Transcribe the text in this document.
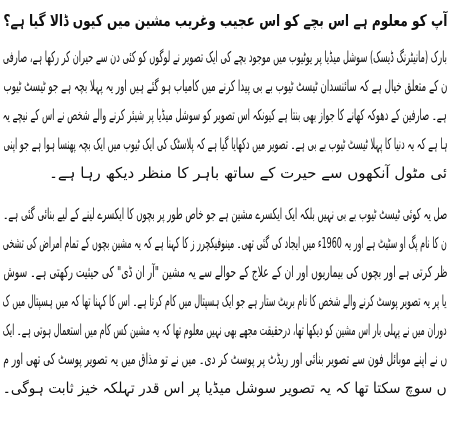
آپ کو معلوم ہے اس بچے کو اس عجیب وغریب مشین میں کیوں ڈالا گیا ہے؟
بارک (مانیٹرنگ ڈیسک) سوشل میڈیا پر یوٹیوب میں موجود بچے کی ایک تصویر نے لوگوں کو کئی دن سے حیران کر رکھا ہے، صارفی
ن کے متعلق خیال ہے کہ سائنسدان ٹیسٹ ٹیوب بے بی پیدا کرنے میں کامیاب ہو گئے ہیں اور یہ پہلا بچہ ہے جو ٹیسٹ ٹیوب
ہے۔ صارفین کے دھوکہ کھانے کا جواز بھی بنتا ہے کیونکہ اس تصویر کو سوشل میڈیا پر شیئر کرنے والے شخص نے اس کے نیچے یہ
ہا ہے کہ یہ دنیا کا پہلا ٹیسٹ ٹیوب بے بی ہے۔ تصویر میں دکھایا گیا ہے کہ پلاسٹک کی ایک ٹیوب میں ایک بچہ پھنسا ہوا ہے جو اپنی
ئی مٹول آنکھوں سے حیرت کے ساتھ باہر کا منظر دیکھ رہا ہے۔
صل یہ کوئی ٹیسٹ ٹیوب بے بی نہیں بلکہ ایک ایکسرے مشین ہے جو خاص طور پر بچوں کا ایکسرے لینے کے لیے بنائی گئی ہے۔
ن کا نام پگ او سٹیٹ ہے اور یہ 1960ء میں ایجاد کی گئی تھی۔ مینوفیکچرر ز کا کہنا ہے کہ یہ مشین بچوں کے تمام امراض کی تشخی
ظر کرتی ہے اور بچوں کی بیماریوں اور ان کے علاج کے حوالے سے یہ مشین "آر ان ڈی" کی حیثیت رکھتی ہے۔ سوش
یا پر یہ تصویر پوسٹ کرنے والے شخص کا نام بریٹ ستار ہے جو ایک ہسپتال میں کام کرتا ہے۔ اس کا کہنا تھا کہ میں ہسپتال میں ک
دوران میں نے پہلی بار اس مشین کو دیکھا تھا، درحقیقت مجھے بھی نہیں معلوم تھا کہ یہ مشین کس کام میں استعمال ہوتی ہے۔ ایک
ں نے اپنے موبائل فون سے تصویر بنائی اور ریڈٹ پر پوسٹ کر دی۔ میں نے تو مذاق میں یہ تصویر پوسٹ کی تھی اور م
ں سوچ سکتا تھا کہ یہ تصویر سوشل میڈیا پر اس قدر تہلکہ خیز ثابت ہوگی۔
